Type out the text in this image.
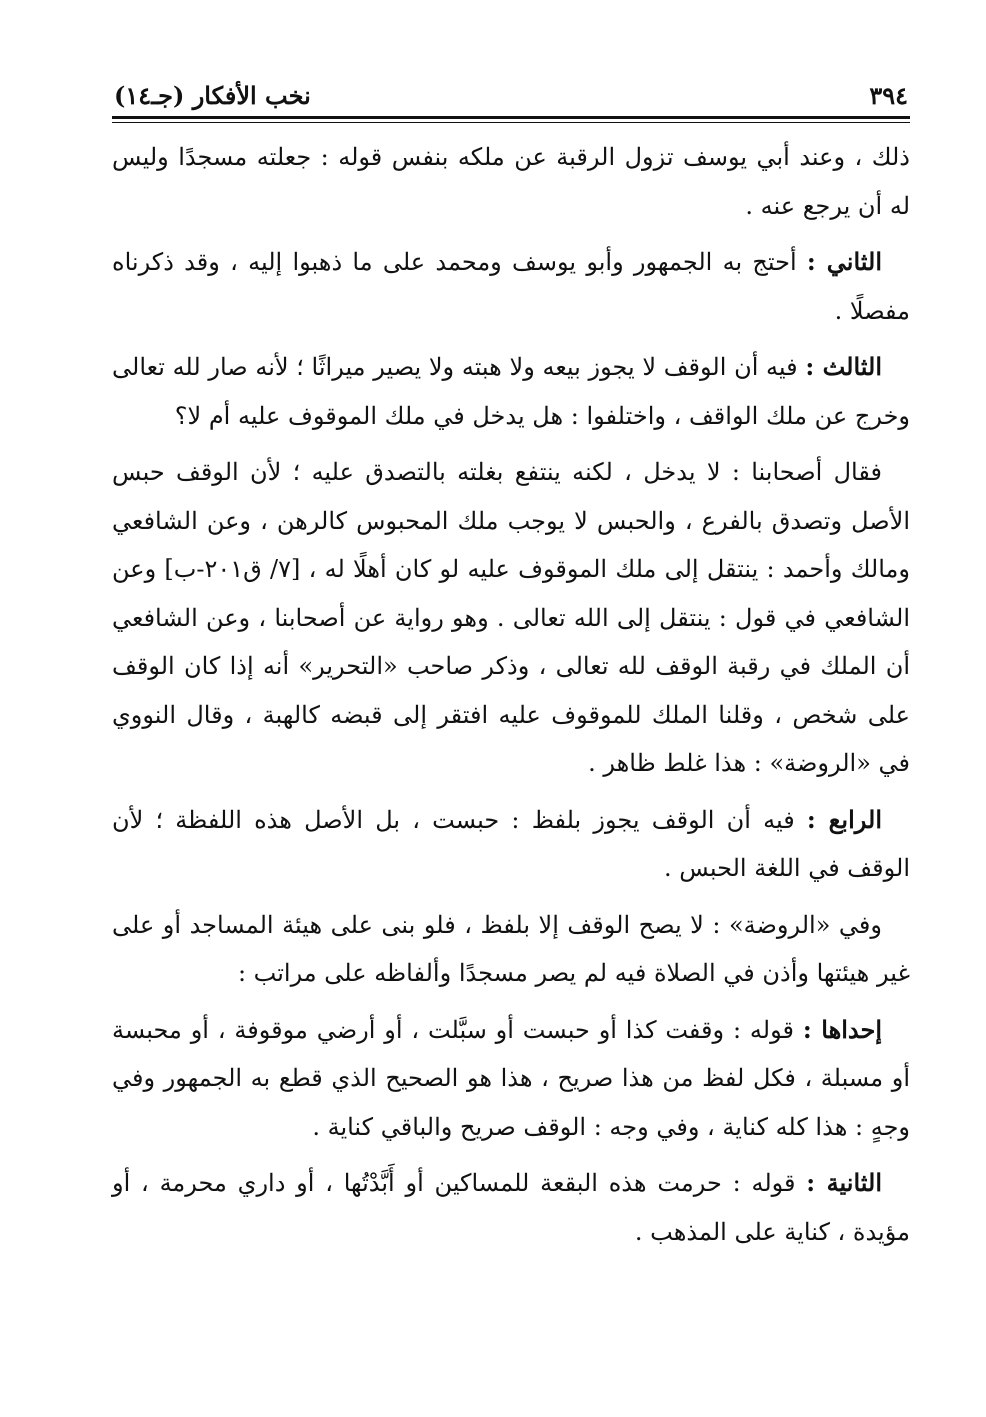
٣٩٤
نخب الأفكار (جـ١٤)

ذلك ، وعند أبي يوسف تزول الرقبة عن ملكه بنفس قوله : جعلته مسجدًا وليس له أن يرجع عنه .

الثاني : أحتج به الجمهور وأبو يوسف ومحمد على ما ذهبوا إليه ، وقد ذكرناه مفصلًا .

الثالث : فيه أن الوقف لا يجوز بيعه ولا هبته ولا يصير ميراثًا ؛ لأنه صار لله تعالى وخرج عن ملك الواقف ، واختلفوا : هل يدخل في ملك الموقوف عليه أم لا؟

فقال أصحابنا : لا يدخل ، لكنه ينتفع بغلته بالتصدق عليه ؛ لأن الوقف حبس الأصل وتصدق بالفرع ، والحبس لا يوجب ملك المحبوس كالرهن ، وعن الشافعي ومالك وأحمد : ينتقل إلى ملك الموقوف عليه لو كان أهلًا له ، [٧/ ق٢٠١-ب] وعن الشافعي في قول : ينتقل إلى الله تعالى . وهو رواية عن أصحابنا ، وعن الشافعي أن الملك في رقبة الوقف لله تعالى ، وذكر صاحب «التحرير» أنه إذا كان الوقف على شخص ، وقلنا الملك للموقوف عليه افتقر إلى قبضه كالهبة ، وقال النووي في «الروضة» : هذا غلط ظاهر .

الرابع : فيه أن الوقف يجوز بلفظ : حبست ، بل الأصل هذه اللفظة ؛ لأن الوقف في اللغة الحبس .

وفي «الروضة» : لا يصح الوقف إلا بلفظ ، فلو بنى على هيئة المساجد أو على غير هيئتها وأذن في الصلاة فيه لم يصر مسجدًا وألفاظه على مراتب :

إحداها : قوله : وقفت كذا أو حبست أو سبَّلت ، أو أرضي موقوفة ، أو محبسة أو مسبلة ، فكل لفظ من هذا صريح ، هذا هو الصحيح الذي قطع به الجمهور وفي وجهٍ : هذا كله كناية ، وفي وجه : الوقف صريح والباقي كناية .

الثانية : قوله : حرمت هذه البقعة للمساكين أو أَبَّدْتُها ، أو داري محرمة ، أو مؤيدة ، كناية على المذهب .
